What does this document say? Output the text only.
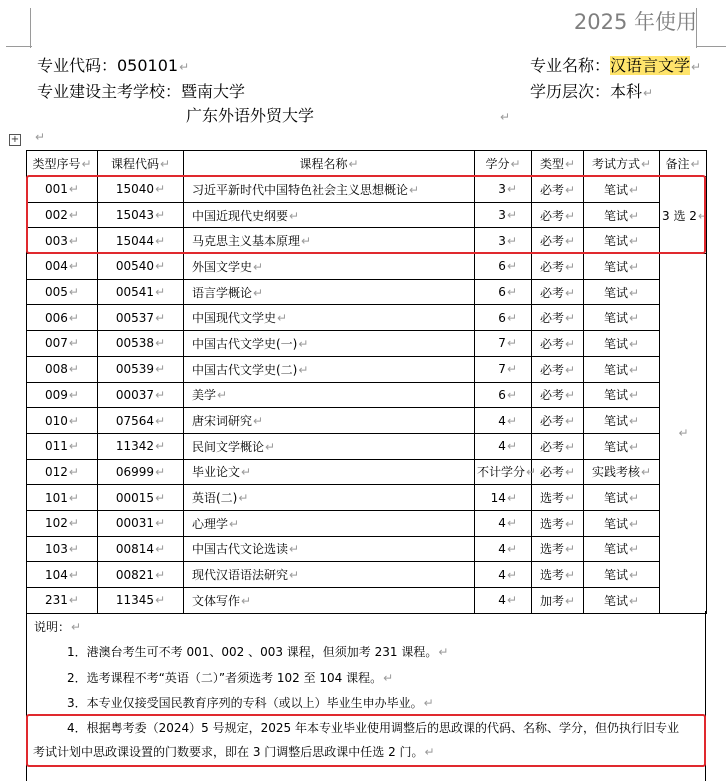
2025 年使用
专业代码：050101↵	专业名称：汉语言文学↵
专业建设主考学校：暨南大学	学历层次：本科↵
广东外语外贸大学	↵
+ ↵
类型序号↵	课程代码↵	课程名称↵	学分↵	类型↵	考试方式↵	备注↵
001↵	15040↵	习近平新时代中国特色社会主义思想概论↵	3↵	必考↵	笔试↵	3 选 2↵
002↵	15043↵	中国近现代史纲要↵	3↵	必考↵	笔试↵	
003↵	15044↵	马克思主义基本原理↵	3↵	必考↵	笔试↵	
004↵	00540↵	外国文学史↵	6↵	必考↵	笔试↵	↵
005↵	00541↵	语言学概论↵	6↵	必考↵	笔试↵	
006↵	00537↵	中国现代文学史↵	6↵	必考↵	笔试↵	
007↵	00538↵	中国古代文学史(一)↵	7↵	必考↵	笔试↵	
008↵	00539↵	中国古代文学史(二)↵	7↵	必考↵	笔试↵	
009↵	00037↵	美学↵	6↵	必考↵	笔试↵	
010↵	07564↵	唐宋词研究↵	4↵	必考↵	笔试↵	
011↵	11342↵	民间文学概论↵	4↵	必考↵	笔试↵	
012↵	06999↵	毕业论文↵	不计学分↵	必考↵	实践考核↵	
101↵	00015↵	英语(二)↵	14↵	选考↵	笔试↵	
102↵	00031↵	心理学↵	4↵	选考↵	笔试↵	
103↵	00814↵	中国古代文论选读↵	4↵	选考↵	笔试↵	
104↵	00821↵	现代汉语语法研究↵	4↵	选考↵	笔试↵	
231↵	11345↵	文体写作↵	4↵	加考↵	笔试↵	
说明：↵
1．港澳台考生可不考 001、002 、003 课程，但须加考 231 课程。↵
2．选考课程不考“英语（二）”者须选考 102 至 104 课程。↵
3．本专业仅接受国民教育序列的专科（或以上）毕业生申办毕业。↵
4．根据粤考委（2024）5 号规定，2025 年本专业毕业使用调整后的思政课的代码、名称、学分，但仍执行旧专业
考试计划中思政课设置的门数要求，即在 3 门调整后思政课中任选 2 门。↵
